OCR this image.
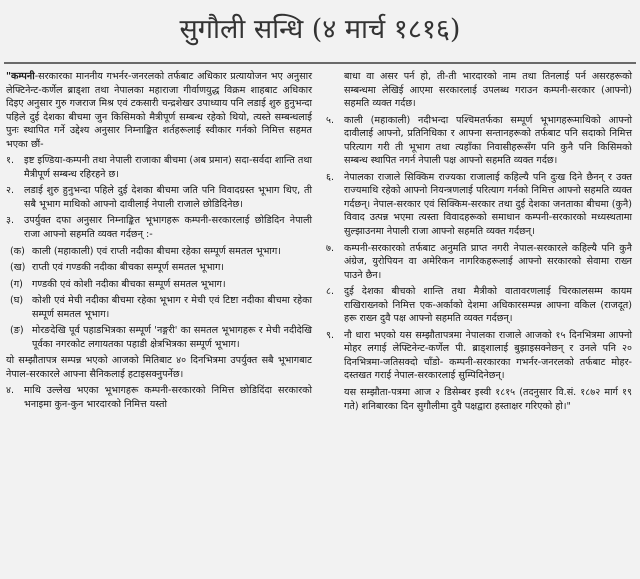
सुगौली सन्धि (४ मार्च १८१६)

"कम्पनी-सरकारका माननीय गभर्नर-जनरलको तर्फबाट अधिकार प्रत्यायोजन भए अनुसार लेफ्टिनेन्ट-कर्णेल ब्राड्शा तथा नेपालका महाराजा गीर्वाणयुद्ध विक्रम शाहबाट अधिकार दिइए अनुसार गुरु गजराज मिश्र एवं टकसारी चन्द्रशेखर उपाध्याय पनि लडाई शुरु हुनुभन्दा पहिले दुई देशका बीचमा जुन किसिमको मैत्रीपूर्ण सम्बन्ध रहेको थियो, त्यस्ते सम्बन्धलाई पुनः स्थापित गर्ने उद्देश्य अनुसार निम्नाङ्कित शर्तहरूलाई स्वीकार गर्नको निमित्त सहमत भएका छौं-

१.	इष्ट इण्डिया-कम्पनी तथा नेपाली राजाका बीचमा (अब प्रमान) सदा-सर्वदा शान्ति तथा मैत्रीपूर्ण सम्बन्ध रहिरहने छ।
२.	लडाई शुरु हुनुभन्दा पहिले दुई देशका बीचमा जति पनि विवादग्रस्त भूभाग थिए, ती सबै भूभाग माथिको आफ्नो दावीलाई नेपाली राजाले छोडिदिनेछ।
३.	उपर्युक्त दफा अनुसार निम्नाङ्कित भूभागहरू कम्पनी-सरकारलाई छोडिदिन नेपाली राजा आफ्नो सहमति व्यक्त गर्दछन् :-
(क) काली (महाकाली) एवं राप्ती नदीका बीचमा रहेका सम्पूर्ण समतल भूभाग।
(ख) राप्ती एवं गण्डकी नदीका बीचका सम्पूर्ण समतल भूभाग।
(ग) गण्डकी एवं कोशी नदीका बीचका सम्पूर्ण समतल भूभाग।
(घ) कोशी एवं मेची नदीका बीचमा रहेका भूभाग र मेची एवं टिष्टा नदीका बीचमा रहेका सम्पूर्ण समतल भूभाग।
(ङ) मोरङदेखि पूर्व पहाडभित्रका सम्पूर्ण 'नङ्गरी' का समतल भूभागहरू र मेची नदीदेखि पूर्वका नगरकोट लगायतका पहाडी क्षेत्रभित्रका सम्पूर्ण भूभाग।

यो सम्झौतापत्र सम्पन्न भएको आजको मितिबाट ४० दिनभित्रमा उपर्युक्त सबै भूभागबाट नेपाल-सरकारले आफ्ना सैनिकलाई हटाइसक्नुपर्नेछ।

४.	माथि उल्लेख भएका भूभागहरू कम्पनी-सरकारको निमित्त छोडिदिंदा सरकारको भनाइमा कुन-कुन भारदारको निमित्त यस्तो

बाधा वा असर पर्न हो, ती-ती भारदारको नाम तथा तिनलाई पर्न असरहरूको सम्बन्धमा लेखिई आएमा सरकारलाई उपलब्ध गराउन कम्पनी-सरकार (आफ्नो) सहमति व्यक्त गर्दछ।

५.	काली (महाकाली) नदीभन्दा पश्चिमतर्फका सम्पूर्ण भूभागहरूमाथिको आफ्नो दावीलाई आफ्नो, प्रतिनिधिका र आफ्ना सन्तानहरूको तर्फबाट पनि सदाको निमित्त परित्याग गरी ती भूभाग तथा त्यहाँका निवासीहरूसँग पनि कुनै पनि किसिमको सम्बन्ध स्थापित नगर्न नेपाली पक्ष आफ्नो सहमति व्यक्त गर्दछ।
६.	नेपालका राजाले सिक्किम राज्यका राजालाई कहिल्यै पनि दुःख दिने छैनन् र उक्त राज्यमाथि रहेको आफ्नो नियन्त्रणलाई परित्याग गर्नको निमित्त आफ्नो सहमति व्यक्त गर्दछन्। नेपाल-सरकार एवं सिक्किम-सरकार तथा दुई देशका जनताका बीचमा (कुनै) विवाद उत्पन्न भएमा त्यस्ता विवादहरूको समाधान कम्पनी-सरकारको मध्यस्थतामा सुल्झाउनमा नेपाली राजा आफ्नो सहमति व्यक्त गर्दछन्।
७.	कम्पनी-सरकारको तर्फबाट अनुमति प्राप्त नगरी नेपाल-सरकारले कहिल्यै पनि कुनै अंग्रेज, युरोपियन वा अमेरिकन नागरिकहरूलाई आफ्नो सरकारको सेवामा राख्न पाउने छैन।
८.	दुई देशका बीचको शान्ति तथा मैत्रीको वातावरणलाई चिरकालसम्म कायम राखिराख्नको निमित्त एक-अर्काको देशमा अधिकारसम्पन्न आफ्ना वकिल (राजदूत) हरू राख्न दुवै पक्ष आफ्नो सहमति व्यक्त गर्दछन्।
९.	नौ धारा भएको यस सम्झौतापत्रमा नेपालका राजाले आजको १५ दिनभित्रमा आफ्नो मोहर लगाई लेफ्टिनेन्ट-कर्णेल पी. ब्राड्शालाई बुझाइसक्नेछन् र उनले पनि २० दिनभित्रमा-जतिसक्दो चाँडो- कम्पनी-सरकारका गभर्नर-जनरलको तर्फबाट मोहर-दस्तखत गराई नेपाल-सरकारलाई सुम्पिदिनेछन्।

यस सम्झौता-पत्रमा आज २ डिसेम्बर इस्वी १८१५ (तदनुसार वि.सं. १८७२ मार्ग १९ गते) शनिबारका दिन सुगौलीमा दुवै पक्षद्वारा हस्ताक्षर गरिएको हो।"
